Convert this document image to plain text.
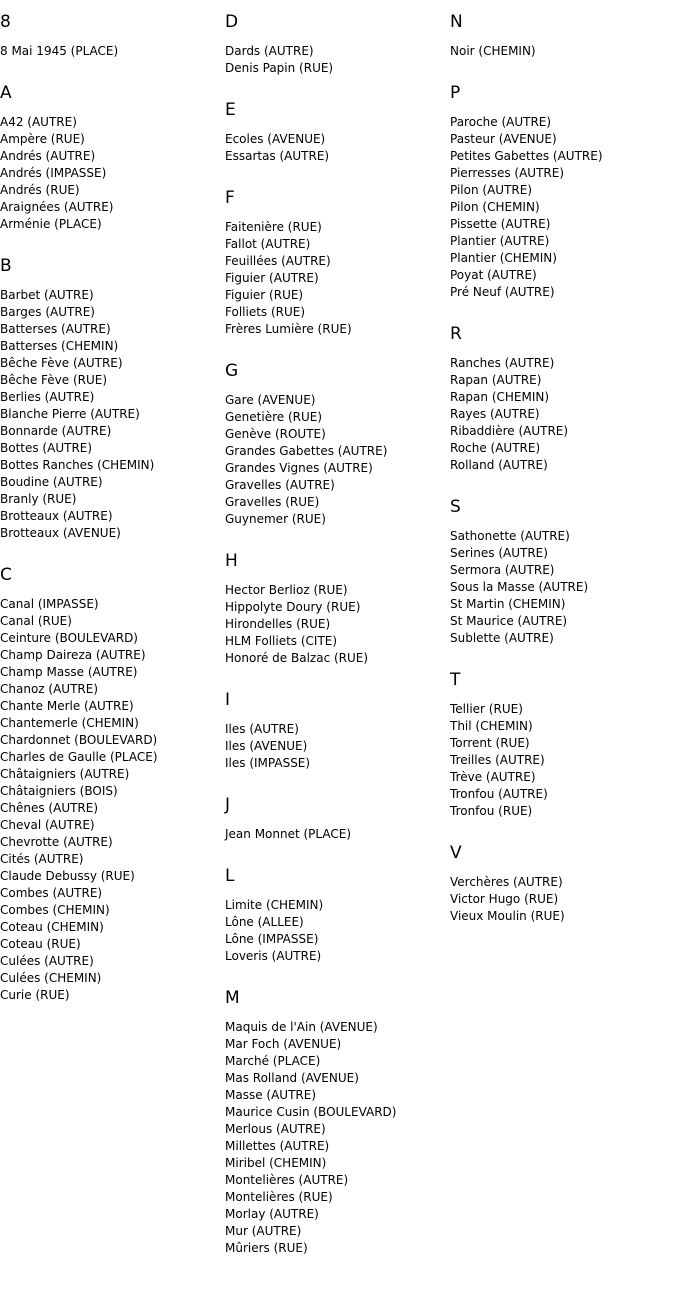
8
8 Mai 1945 (PLACE)
A
A42 (AUTRE)
Ampère (RUE)
Andrés (AUTRE)
Andrés (IMPASSE)
Andrés (RUE)
Araignées (AUTRE)
Arménie (PLACE)
B
Barbet (AUTRE)
Barges (AUTRE)
Batterses (AUTRE)
Batterses (CHEMIN)
Bêche Fève (AUTRE)
Bêche Fève (RUE)
Berlies (AUTRE)
Blanche Pierre (AUTRE)
Bonnarde (AUTRE)
Bottes (AUTRE)
Bottes Ranches (CHEMIN)
Boudine (AUTRE)
Branly (RUE)
Brotteaux (AUTRE)
Brotteaux (AVENUE)
C
Canal (IMPASSE)
Canal (RUE)
Ceinture (BOULEVARD)
Champ Daireza (AUTRE)
Champ Masse (AUTRE)
Chanoz (AUTRE)
Chante Merle (AUTRE)
Chantemerle (CHEMIN)
Chardonnet (BOULEVARD)
Charles de Gaulle (PLACE)
Châtaigniers (AUTRE)
Châtaigniers (BOIS)
Chênes (AUTRE)
Cheval (AUTRE)
Chevrotte (AUTRE)
Cités (AUTRE)
Claude Debussy (RUE)
Combes (AUTRE)
Combes (CHEMIN)
Coteau (CHEMIN)
Coteau (RUE)
Culées (AUTRE)
Culées (CHEMIN)
Curie (RUE)
D
Dards (AUTRE)
Denis Papin (RUE)
E
Ecoles (AVENUE)
Essartas (AUTRE)
F
Faitenière (RUE)
Fallot (AUTRE)
Feuillées (AUTRE)
Figuier (AUTRE)
Figuier (RUE)
Folliets (RUE)
Frères Lumière (RUE)
G
Gare (AVENUE)
Genetière (RUE)
Genève (ROUTE)
Grandes Gabettes (AUTRE)
Grandes Vignes (AUTRE)
Gravelles (AUTRE)
Gravelles (RUE)
Guynemer (RUE)
H
Hector Berlioz (RUE)
Hippolyte Doury (RUE)
Hirondelles (RUE)
HLM Folliets (CITE)
Honoré de Balzac (RUE)
I
Iles (AUTRE)
Iles (AVENUE)
Iles (IMPASSE)
J
Jean Monnet (PLACE)
L
Limite (CHEMIN)
Lône (ALLEE)
Lône (IMPASSE)
Loveris (AUTRE)
M
Maquis de l'Ain (AVENUE)
Mar Foch (AVENUE)
Marché (PLACE)
Mas Rolland (AVENUE)
Masse (AUTRE)
Maurice Cusin (BOULEVARD)
Merlous (AUTRE)
Millettes (AUTRE)
Miribel (CHEMIN)
Montelières (AUTRE)
Montelières (RUE)
Morlay (AUTRE)
Mur (AUTRE)
Mûriers (RUE)
N
Noir (CHEMIN)
P
Paroche (AUTRE)
Pasteur (AVENUE)
Petites Gabettes (AUTRE)
Pierresses (AUTRE)
Pilon (AUTRE)
Pilon (CHEMIN)
Pissette (AUTRE)
Plantier (AUTRE)
Plantier (CHEMIN)
Poyat (AUTRE)
Pré Neuf (AUTRE)
R
Ranches (AUTRE)
Rapan (AUTRE)
Rapan (CHEMIN)
Rayes (AUTRE)
Ribaddière (AUTRE)
Roche (AUTRE)
Rolland (AUTRE)
S
Sathonette (AUTRE)
Serines (AUTRE)
Sermora (AUTRE)
Sous la Masse (AUTRE)
St Martin (CHEMIN)
St Maurice (AUTRE)
Sublette (AUTRE)
T
Tellier (RUE)
Thil (CHEMIN)
Torrent (RUE)
Treilles (AUTRE)
Trève (AUTRE)
Tronfou (AUTRE)
Tronfou (RUE)
V
Verchères (AUTRE)
Victor Hugo (RUE)
Vieux Moulin (RUE)
